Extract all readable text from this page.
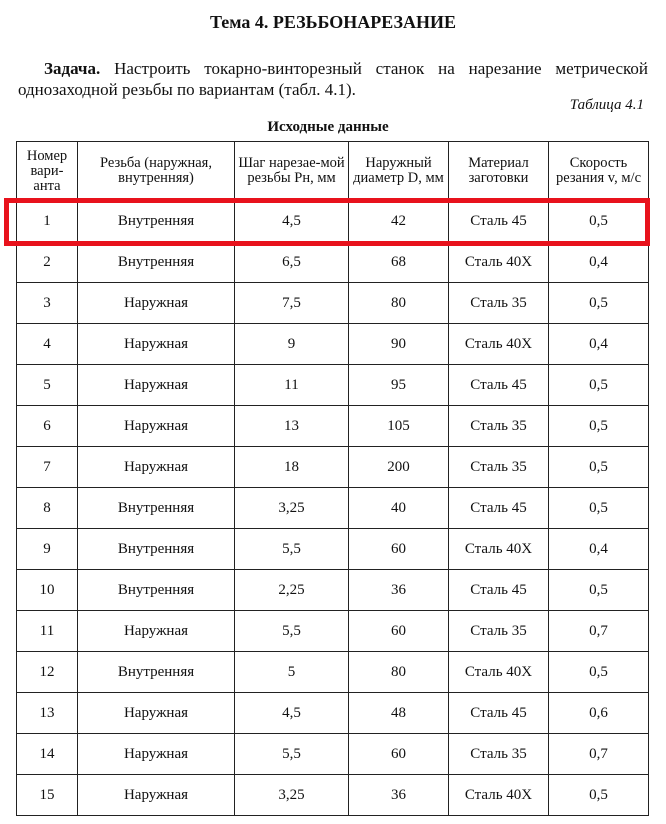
Тема 4. РЕЗЬБОНАРЕЗАНИЕ
Задача. Настроить токарно-винторезный станок на нарезание метрической однозаходной резьбы по вариантам (табл. 4.1).
Таблица 4.1
Исходные данные
Номер вари-анта	Резьба (наружная, внутренняя)	Шаг нарезае-мой резьбы Рн, мм	Наружный диаметр D, мм	Материал заготовки	Скорость резания v, м/с
1	Внутренняя	4,5	42	Сталь 45	0,5
2	Внутренняя	6,5	68	Сталь 40Х	0,4
3	Наружная	7,5	80	Сталь 35	0,5
4	Наружная	9	90	Сталь 40Х	0,4
5	Наружная	11	95	Сталь 45	0,5
6	Наружная	13	105	Сталь 35	0,5
7	Наружная	18	200	Сталь 35	0,5
8	Внутренняя	3,25	40	Сталь 45	0,5
9	Внутренняя	5,5	60	Сталь 40Х	0,4
10	Внутренняя	2,25	36	Сталь 45	0,5
11	Наружная	5,5	60	Сталь 35	0,7
12	Внутренняя	5	80	Сталь 40Х	0,5
13	Наружная	4,5	48	Сталь 45	0,6
14	Наружная	5,5	60	Сталь 35	0,7
15	Наружная	3,25	36	Сталь 40Х	0,5
